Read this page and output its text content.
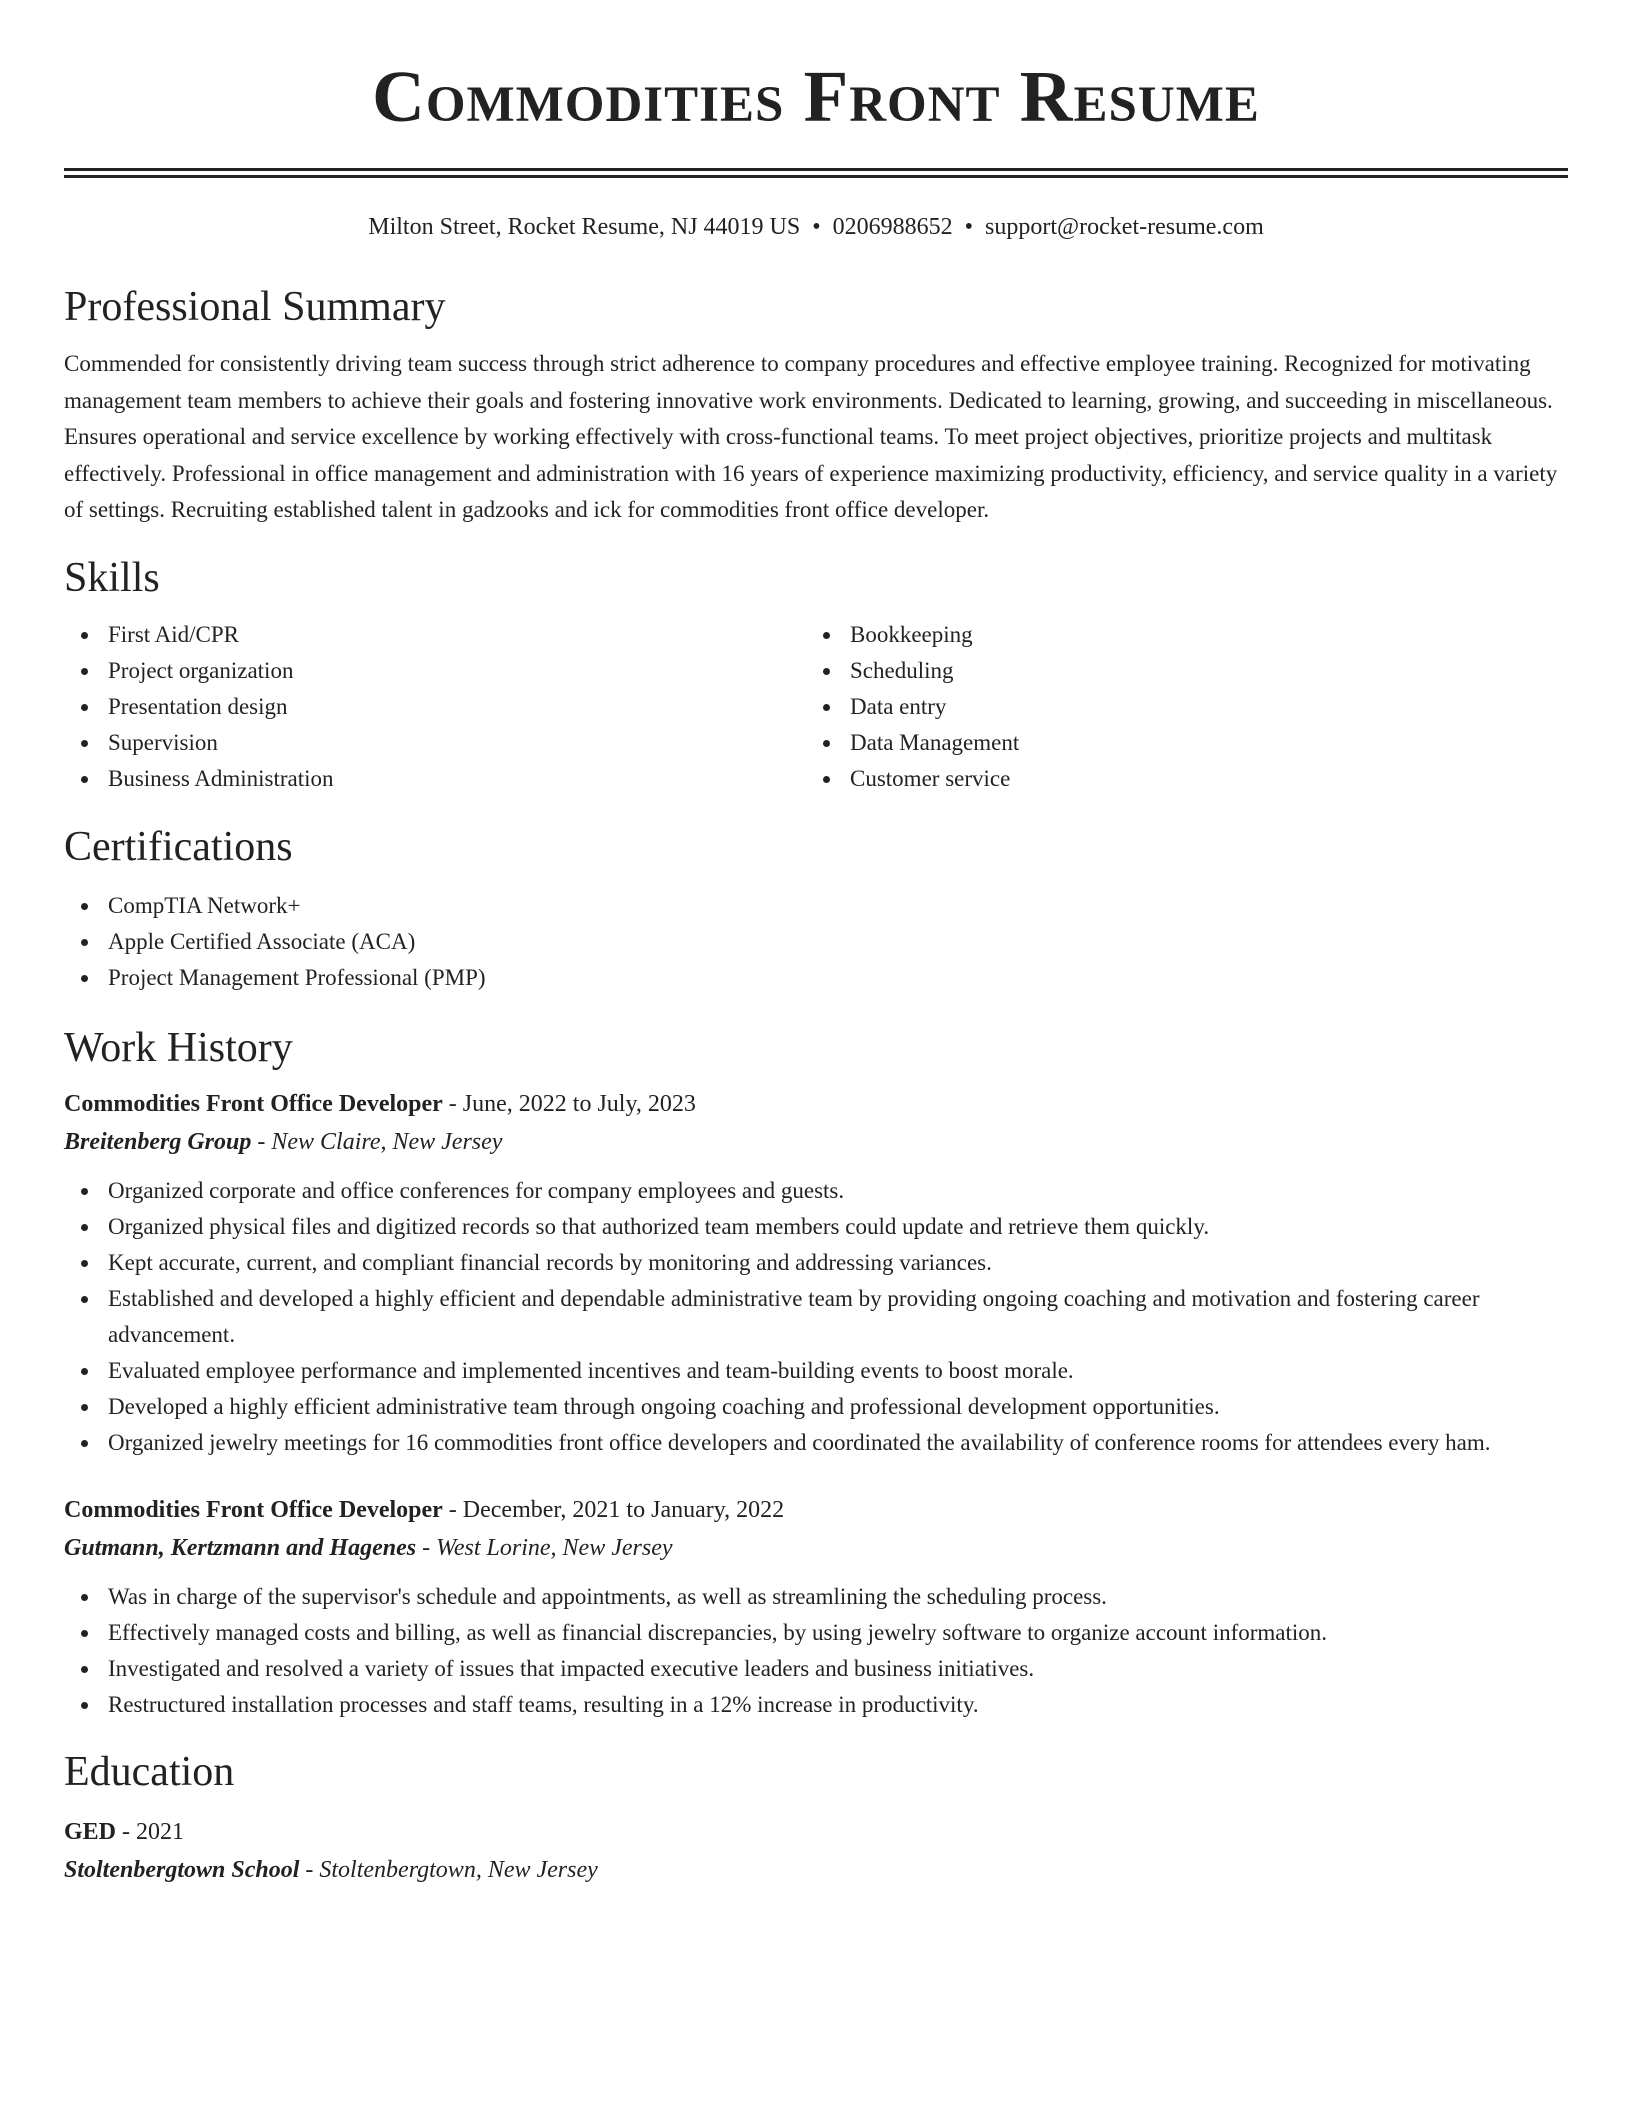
Commodities Front Resume
Milton Street, Rocket Resume, NJ 44019 US • 0206988652 • support@rocket-resume.com
Professional Summary

Commended for consistently driving team success through strict adherence to company procedures and effective employee training. Recognized for motivating management team members to achieve their goals and fostering innovative work environments. Dedicated to learning, growing, and succeeding in miscellaneous. Ensures operational and service excellence by working effectively with cross-functional teams. To meet project objectives, prioritize projects and multitask effectively. Professional in office management and administration with 16 years of experience maximizing productivity, efficiency, and service quality in a variety of settings. Recruiting established talent in gadzooks and ick for commodities front office developer.

Skills
First Aid/CPR
Project organization
Presentation design
Supervision
Business Administration
Bookkeeping
Scheduling
Data entry
Data Management
Customer service
Certifications
CompTIA Network+
Apple Certified Associate (ACA)
Project Management Professional (PMP)
Work History
Commodities Front Office Developer - June, 2022 to July, 2023
Breitenberg Group - New Claire, New Jersey
Organized corporate and office conferences for company employees and guests.
Organized physical files and digitized records so that authorized team members could update and retrieve them quickly.
Kept accurate, current, and compliant financial records by monitoring and addressing variances.
Established and developed a highly efficient and dependable administrative team by providing ongoing coaching and motivation and fostering career advancement.
Evaluated employee performance and implemented incentives and team-building events to boost morale.
Developed a highly efficient administrative team through ongoing coaching and professional development opportunities.
Organized jewelry meetings for 16 commodities front office developers and coordinated the availability of conference rooms for attendees every ham.
Commodities Front Office Developer - December, 2021 to January, 2022
Gutmann, Kertzmann and Hagenes - West Lorine, New Jersey
Was in charge of the supervisor's schedule and appointments, as well as streamlining the scheduling process.
Effectively managed costs and billing, as well as financial discrepancies, by using jewelry software to organize account information.
Investigated and resolved a variety of issues that impacted executive leaders and business initiatives.
Restructured installation processes and staff teams, resulting in a 12% increase in productivity.
Education
GED - 2021
Stoltenbergtown School - Stoltenbergtown, New Jersey
